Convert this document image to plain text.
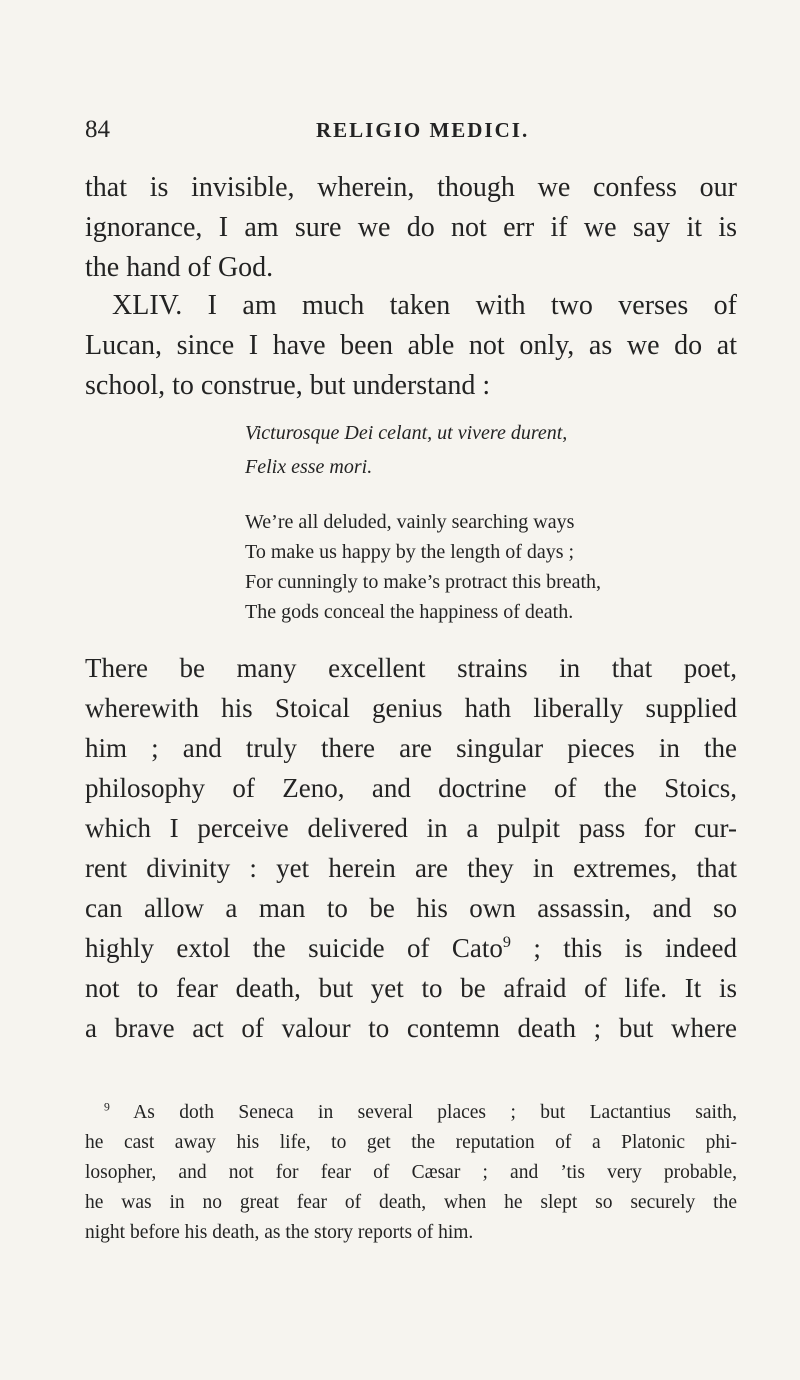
84	RELIGIO MEDICI.
that is invisible, wherein, though we confess our
ignorance, I am sure we do not err if we say it is
the hand of God.
XLIV. I am much taken with two verses of
Lucan, since I have been able not only, as we do at
school, to construe, but understand :
Victurosque Dei celant, ut vivere durent,
Felix esse mori.
We’re all deluded, vainly searching ways
To make us happy by the length of days ;
For cunningly to make’s protract this breath,
The gods conceal the happiness of death.
There be many excellent strains in that poet,
wherewith his Stoical genius hath liberally supplied
him ; and truly there are singular pieces in the
philosophy of Zeno, and doctrine of the Stoics,
which I perceive delivered in a pulpit pass for cur-
rent divinity : yet herein are they in extremes, that
can allow a man to be his own assassin, and so
highly extol the suicide of Cato$^9$ ; this is indeed
not to fear death, but yet to be afraid of life. It is
a brave act of valour to contemn death ; but where
$^9$ As doth Seneca in several places ; but Lactantius saith,
he cast away his life, to get the reputation of a Platonic phi-
losopher, and not for fear of Cæsar ; and ’tis very probable,
he was in no great fear of death, when he slept so securely the
night before his death, as the story reports of him.
